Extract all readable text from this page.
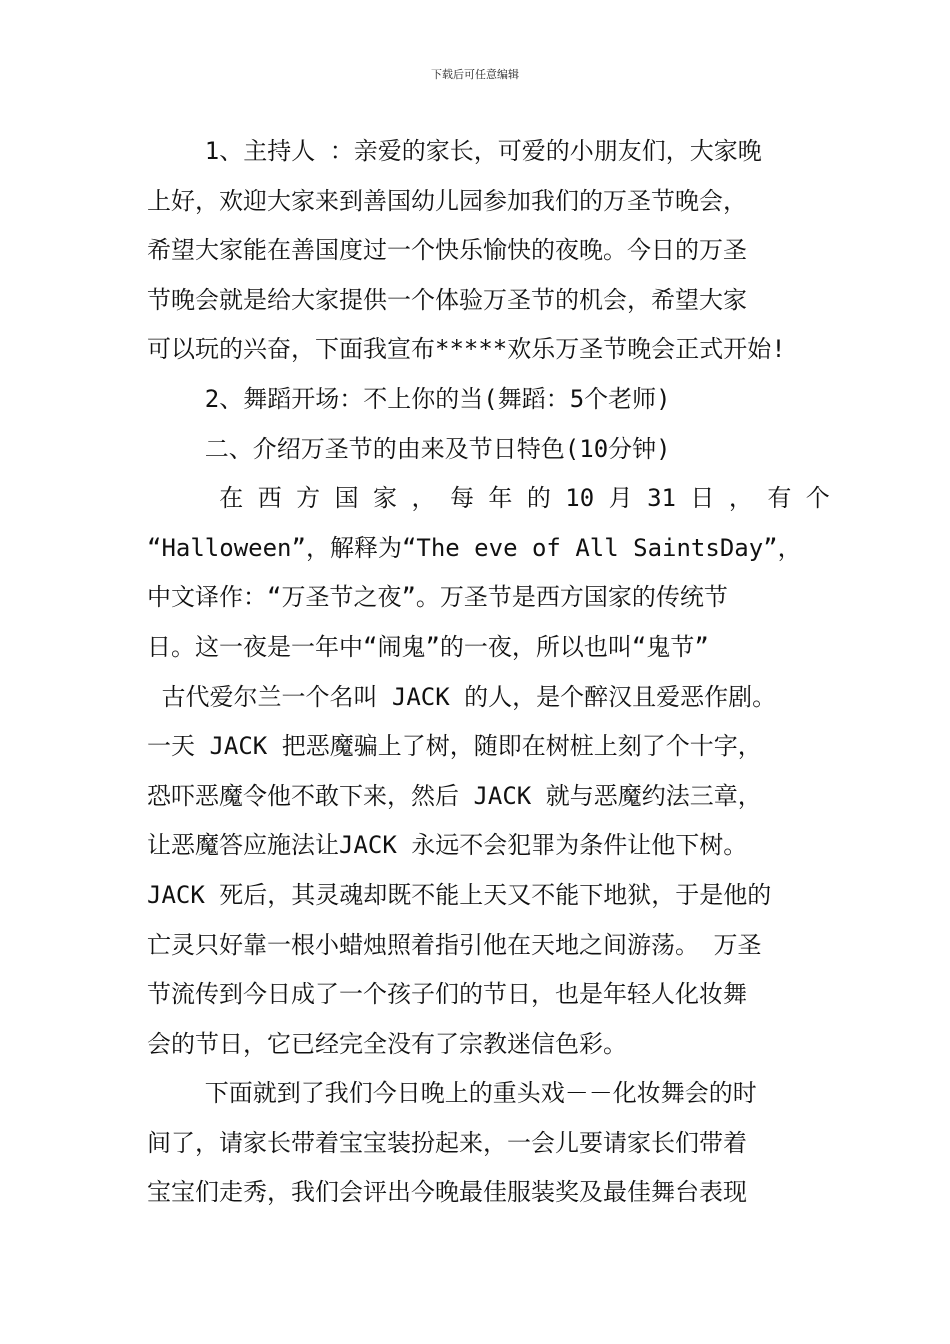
下载后可任意编辑
1、主持人 ：亲爱的家长，可爱的小朋友们，大家晚
上好，欢迎大家来到善国幼儿园参加我们的万圣节晚会，
希望大家能在善国度过一个快乐愉快的夜晚。今日的万圣
节晚会就是给大家提供一个体验万圣节的机会，希望大家
可以玩的兴奋，下面我宣布*****欢乐万圣节晚会正式开始!
2、舞蹈开场：不上你的当(舞蹈：5个老师)
二、介绍万圣节的由来及节日特色(10分钟)
在 西 方 国 家 ， 每 年 的 10 月 31 日 ， 有 个
“Halloween”，解释为“The eve of All SaintsDay”，
中文译作：“万圣节之夜”。万圣节是西方国家的传统节
日。这一夜是一年中“闹鬼”的一夜，所以也叫“鬼节”
古代爱尔兰一个名叫 JACK 的人，是个醉汉且爱恶作剧。
一天 JACK 把恶魔骗上了树，随即在树桩上刻了个十字，
恐吓恶魔令他不敢下来，然后 JACK 就与恶魔约法三章，
让恶魔答应施法让JACK 永远不会犯罪为条件让他下树。
JACK 死后，其灵魂却既不能上天又不能下地狱，于是他的
亡灵只好靠一根小蜡烛照着指引他在天地之间游荡。 万圣
节流传到今日成了一个孩子们的节日，也是年轻人化妆舞
会的节日，它已经完全没有了宗教迷信色彩。
下面就到了我们今日晚上的重头戏－－化妆舞会的时
间了，请家长带着宝宝装扮起来，一会儿要请家长们带着
宝宝们走秀，我们会评出今晚最佳服装奖及最佳舞台表现
